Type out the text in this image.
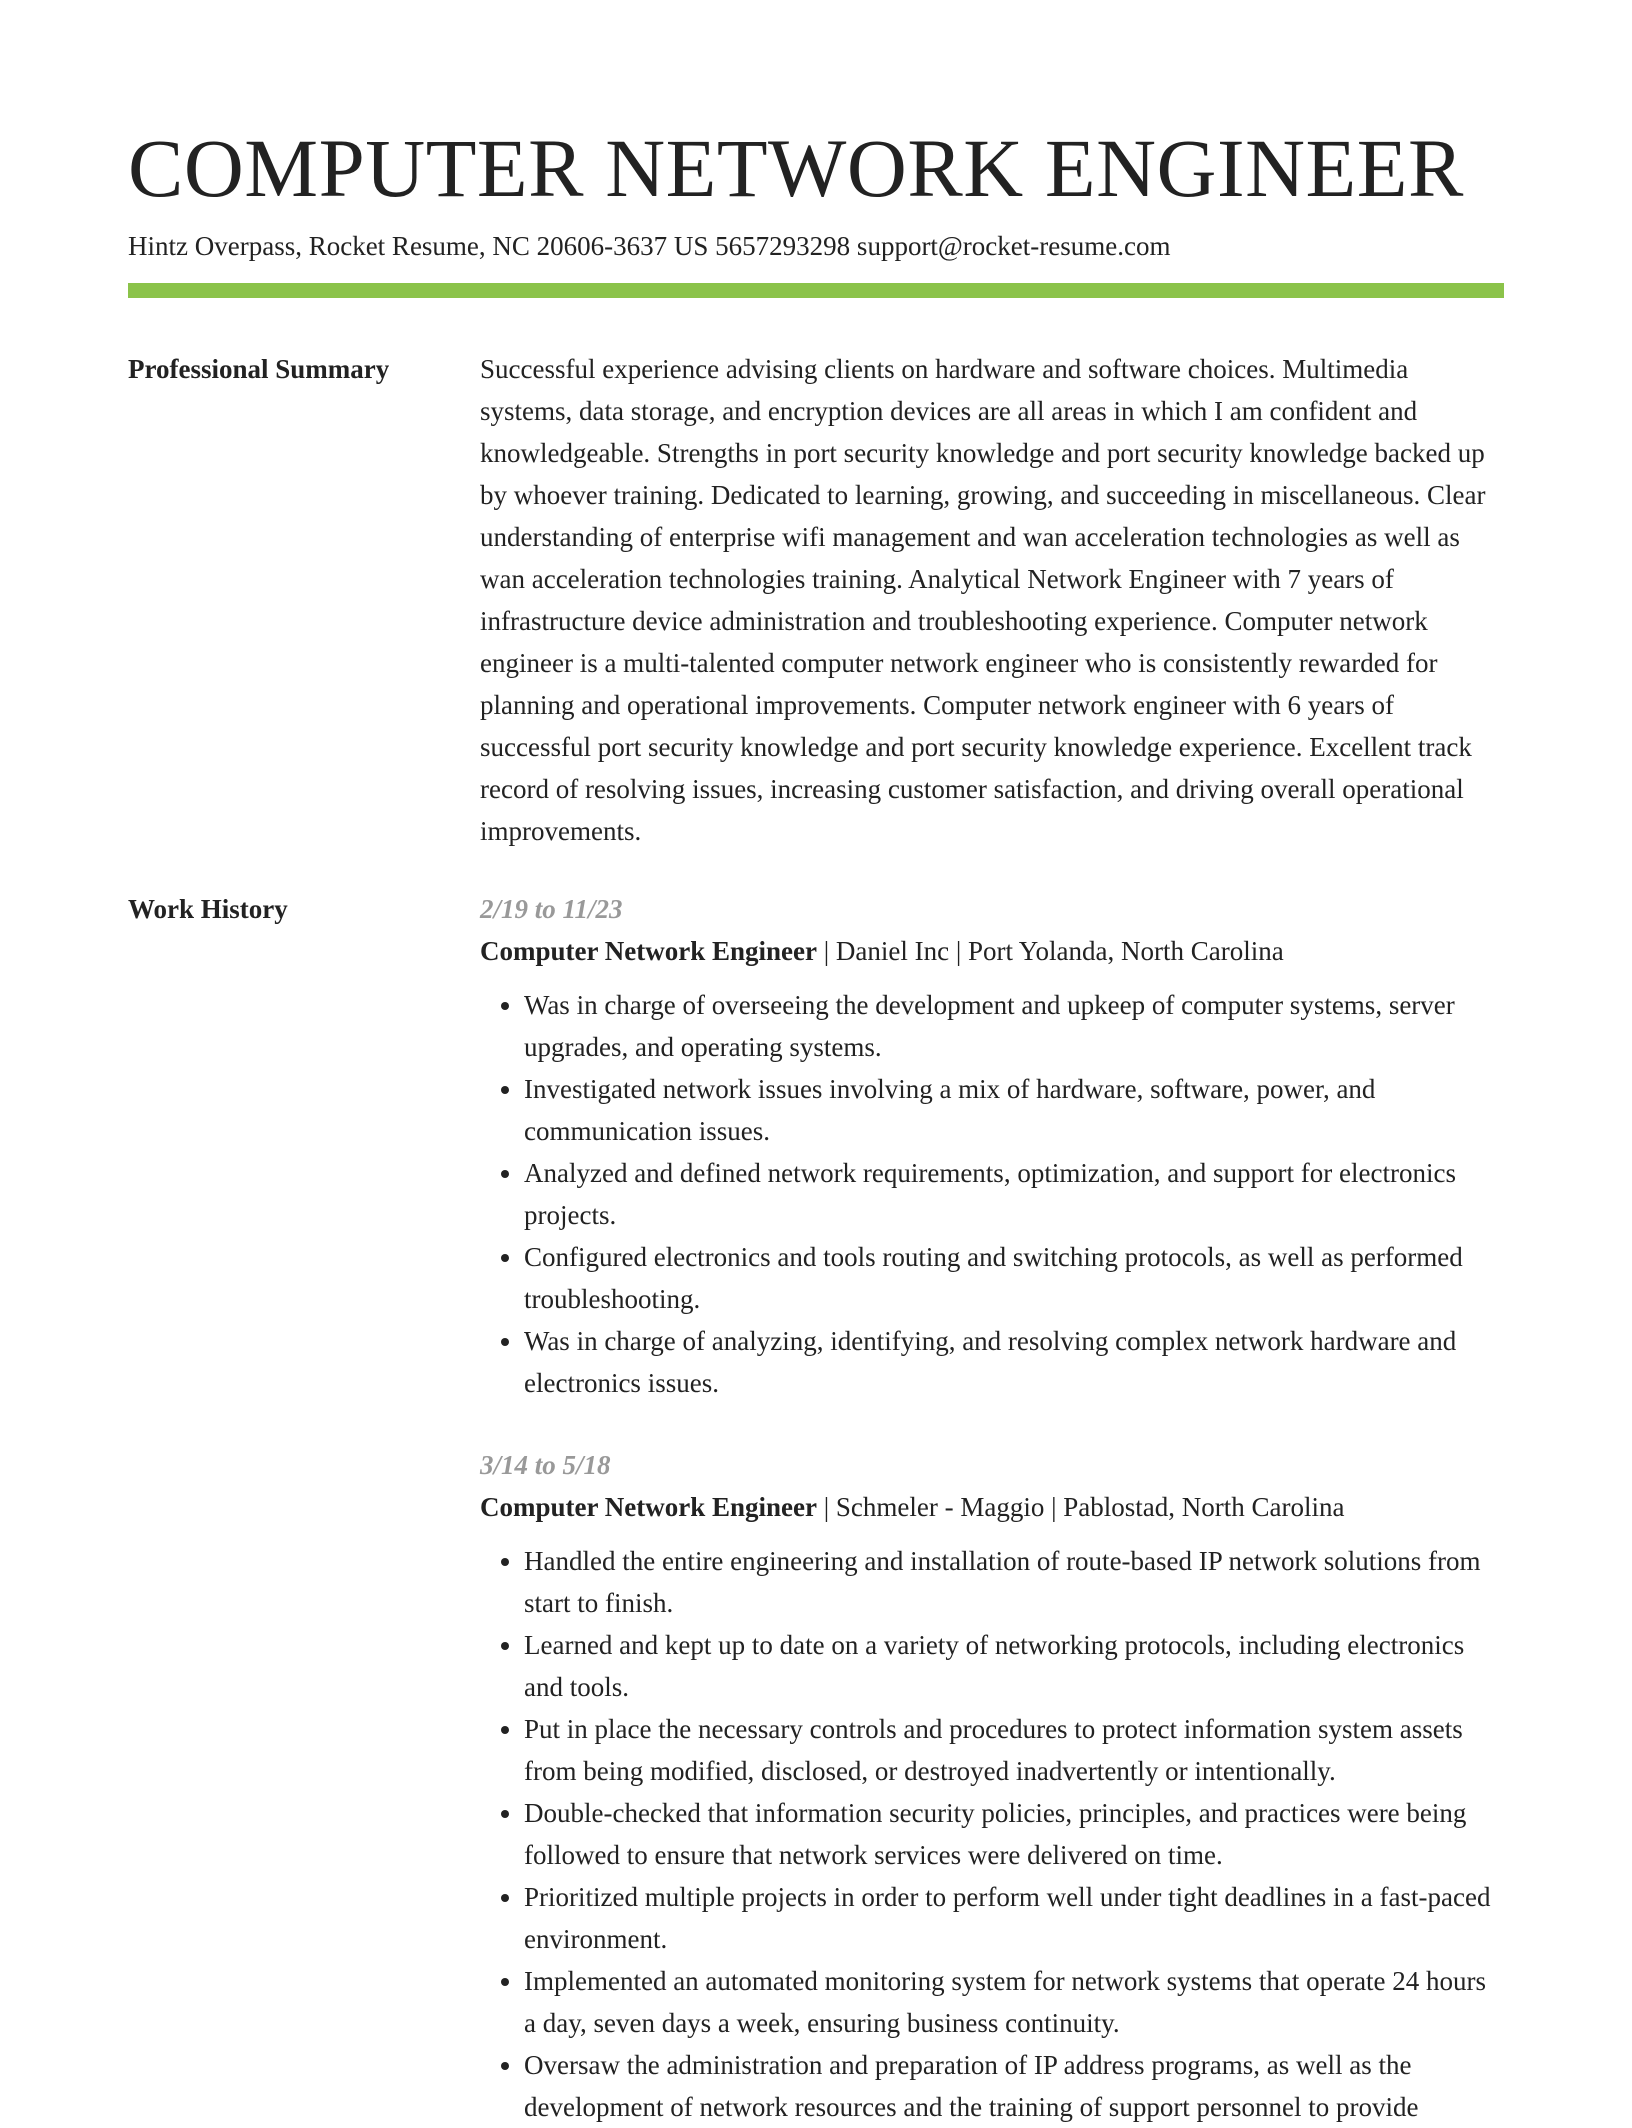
COMPUTER NETWORK ENGINEER
Hintz Overpass, Rocket Resume, NC 20606-3637 US 5657293298 support@rocket-resume.com
Professional Summary	Successful experience advising clients on hardware and software choices. Multimedia systems, data storage, and encryption devices are all areas in which I am confident and knowledgeable. Strengths in port security knowledge and port security knowledge backed up by whoever training. Dedicated to learning, growing, and succeeding in miscellaneous. Clear understanding of enterprise wifi management and wan acceleration technologies as well as wan acceleration technologies training. Analytical Network Engineer with 7 years of infrastructure device administration and troubleshooting experience. Computer network engineer is a multi-talented computer network engineer who is consistently rewarded for planning and operational improvements. Computer network engineer with 6 years of successful port security knowledge and port security knowledge experience. Excellent track record of resolving issues, increasing customer satisfaction, and driving overall operational improvements.

Work History	2/19 to 11/23
Computer Network Engineer | Daniel Inc | Port Yolanda, North Carolina
• Was in charge of overseeing the development and upkeep of computer systems, server upgrades, and operating systems.
• Investigated network issues involving a mix of hardware, software, power, and communication issues.
• Analyzed and defined network requirements, optimization, and support for electronics projects.
• Configured electronics and tools routing and switching protocols, as well as performed troubleshooting.
• Was in charge of analyzing, identifying, and resolving complex network hardware and electronics issues.
3/14 to 5/18
Computer Network Engineer | Schmeler - Maggio | Pablostad, North Carolina
• Handled the entire engineering and installation of route-based IP network solutions from start to finish.
• Learned and kept up to date on a variety of networking protocols, including electronics and tools.
• Put in place the necessary controls and procedures to protect information system assets from being modified, disclosed, or destroyed inadvertently or intentionally.
• Double-checked that information security policies, principles, and practices were being followed to ensure that network services were delivered on time.
• Prioritized multiple projects in order to perform well under tight deadlines in a fast-paced environment.
• Implemented an automated monitoring system for network systems that operate 24 hours a day, seven days a week, ensuring business continuity.
• Oversaw the administration and preparation of IP address programs, as well as the development of network resources and the training of support personnel to provide
